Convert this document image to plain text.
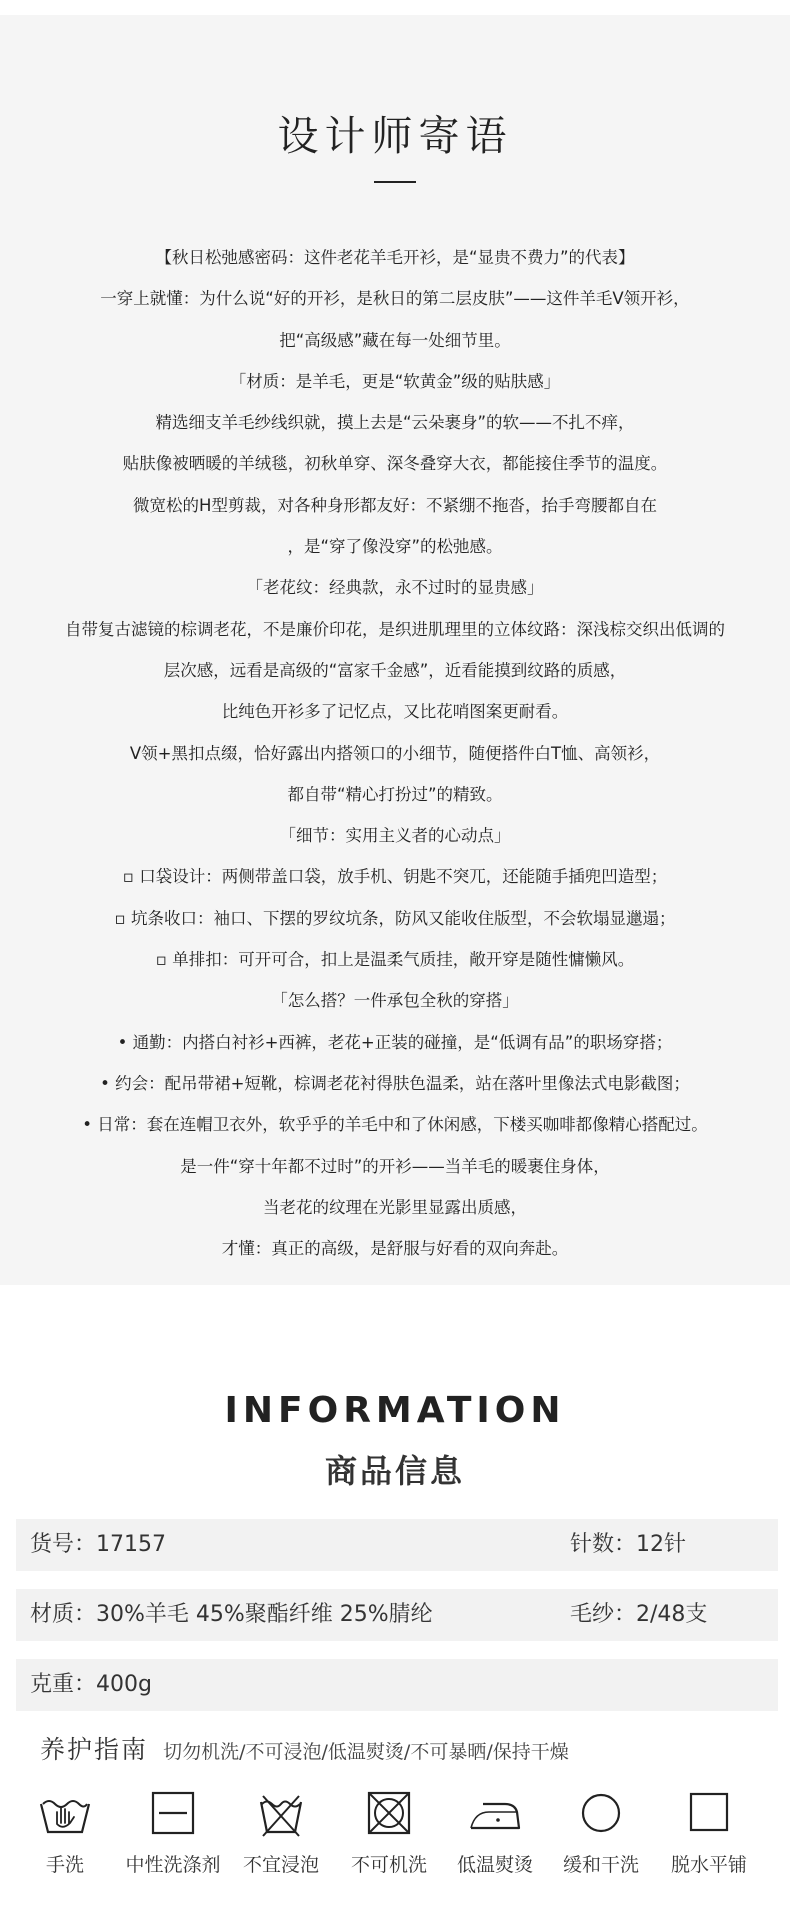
设计师寄语

【秋日松弛感密码：这件老花羊毛开衫，是“显贵不费力”的代表】

一穿上就懂：为什么说“好的开衫，是秋日的第二层皮肤”——这件羊毛V领开衫，

把“高级感”藏在每一处细节里。

「材质：是羊毛，更是“软黄金”级的贴肤感」

精选细支羊毛纱线织就，摸上去是“云朵裹身”的软——不扎不痒，

贴肤像被晒暖的羊绒毯，初秋单穿、深冬叠穿大衣，都能接住季节的温度。

微宽松的H型剪裁，对各种身形都友好：不紧绷不拖沓，抬手弯腰都自在

，是“穿了像没穿”的松弛感。

「老花纹：经典款，永不过时的显贵感」

自带复古滤镜的棕调老花，不是廉价印花，是织进肌理里的立体纹路：深浅棕交织出低调的

层次感，远看是高级的“富家千金感”，近看能摸到纹路的质感，

比纯色开衫多了记忆点，又比花哨图案更耐看。

V领+黑扣点缀，恰好露出内搭领口的小细节，随便搭件白T恤、高领衫，

都自带“精心打扮过”的精致。

「细节：实用主义者的心动点」

▫ 口袋设计：两侧带盖口袋，放手机、钥匙不突兀，还能随手插兜凹造型；

▫ 坑条收口：袖口、下摆的罗纹坑条，防风又能收住版型，不会软塌显邋遢；

▫ 单排扣：可开可合，扣上是温柔气质挂，敞开穿是随性慵懒风。

「怎么搭？一件承包全秋的穿搭」

• 通勤：内搭白衬衫+西裤，老花+正装的碰撞，是“低调有品”的职场穿搭；

• 约会：配吊带裙+短靴，棕调老花衬得肤色温柔，站在落叶里像法式电影截图；

• 日常：套在连帽卫衣外，软乎乎的羊毛中和了休闲感，下楼买咖啡都像精心搭配过。

是一件“穿十年都不过时”的开衫——当羊毛的暖裹住身体，

当老花的纹理在光影里显露出质感，

才懂：真正的高级，是舒服与好看的双向奔赴。

INFORMATION
商品信息
货号：17157	针数：12针
材质：30%羊毛 45%聚酯纤维 25%腈纶	毛纱：2/48支
克重：400g
养护指南 切勿机洗/不可浸泡/低温熨烫/不可暴晒/保持干燥
手洗	中性洗涤剂	不宜浸泡	不可机洗	低温熨烫	缓和干洗	脱水平铺
